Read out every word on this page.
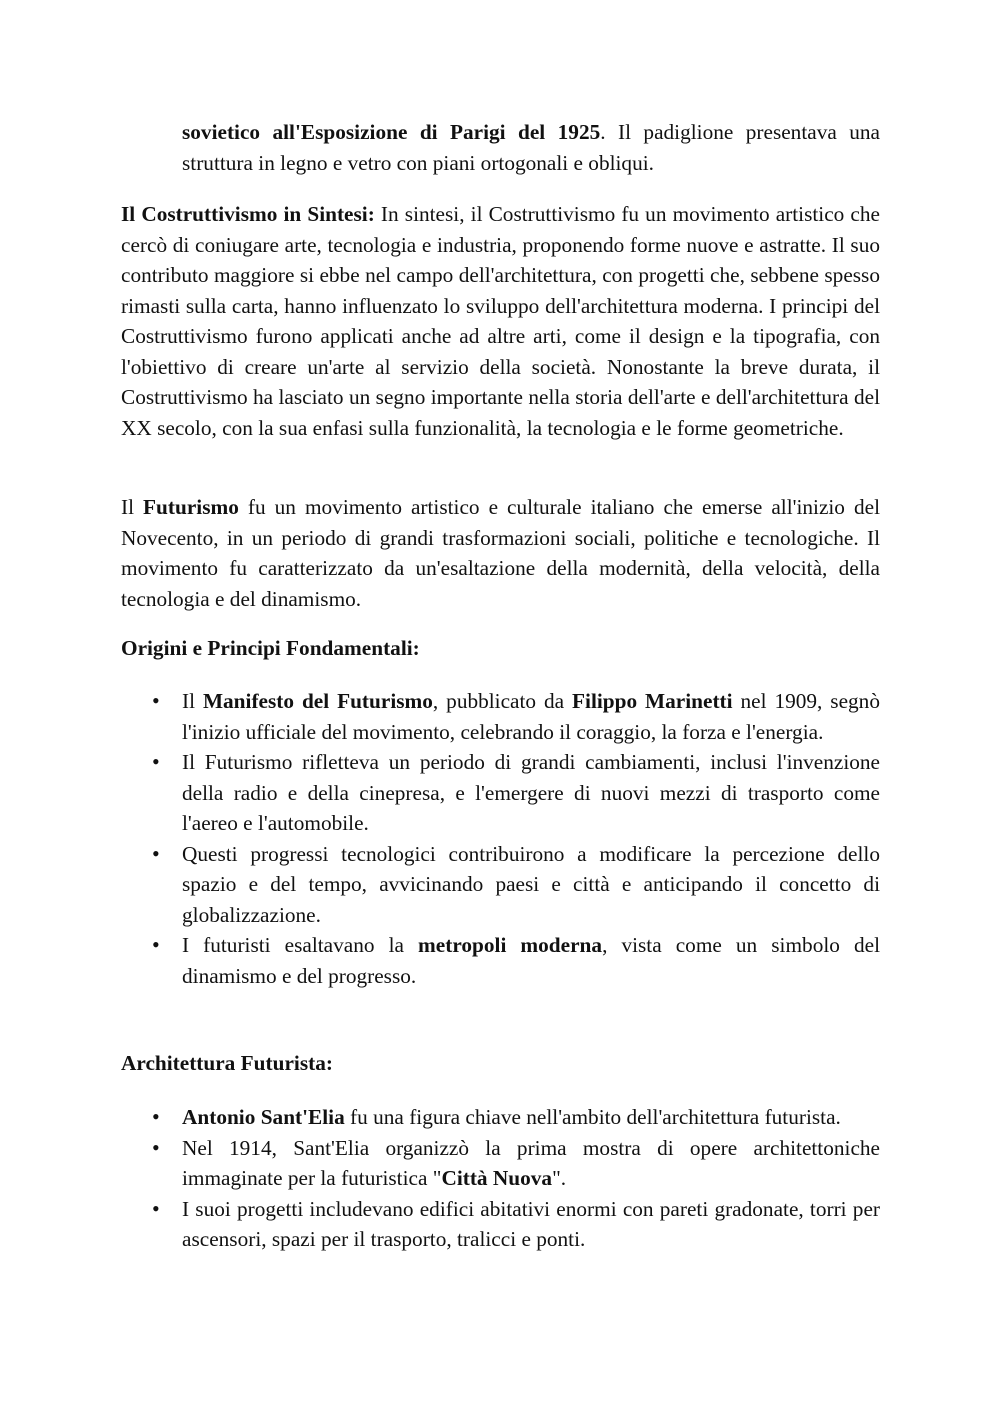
sovietico all'Esposizione di Parigi del 1925. Il padiglione presentava una struttura in legno e vetro con piani ortogonali e obliqui.

Il Costruttivismo in Sintesi: In sintesi, il Costruttivismo fu un movimento artistico che cercò di coniugare arte, tecnologia e industria, proponendo forme nuove e astratte. Il suo contributo maggiore si ebbe nel campo dell'architettura, con progetti che, sebbene spesso rimasti sulla carta, hanno influenzato lo sviluppo dell'architettura moderna. I principi del Costruttivismo furono applicati anche ad altre arti, come il design e la tipografia, con l'obiettivo di creare un'arte al servizio della società. Nonostante la breve durata, il Costruttivismo ha lasciato un segno importante nella storia dell'arte e dell'architettura del XX secolo, con la sua enfasi sulla funzionalità, la tecnologia e le forme geometriche.

Il Futurismo fu un movimento artistico e culturale italiano che emerse all'inizio del Novecento, in un periodo di grandi trasformazioni sociali, politiche e tecnologiche. Il movimento fu caratterizzato da un'esaltazione della modernità, della velocità, della tecnologia e del dinamismo.

Origini e Principi Fondamentali:

• Il Manifesto del Futurismo, pubblicato da Filippo Marinetti nel 1909, segnò l'inizio ufficiale del movimento, celebrando il coraggio, la forza e l'energia.
• Il Futurismo rifletteva un periodo di grandi cambiamenti, inclusi l'invenzione della radio e della cinepresa, e l'emergere di nuovi mezzi di trasporto come l'aereo e l'automobile.
• Questi progressi tecnologici contribuirono a modificare la percezione dello spazio e del tempo, avvicinando paesi e città e anticipando il concetto di globalizzazione.
• I futuristi esaltavano la metropoli moderna, vista come un simbolo del dinamismo e del progresso.

Architettura Futurista:

• Antonio Sant'Elia fu una figura chiave nell'ambito dell'architettura futurista.
• Nel 1914, Sant'Elia organizzò la prima mostra di opere architettoniche immaginate per la futuristica "Città Nuova".
• I suoi progetti includevano edifici abitativi enormi con pareti gradonate, torri per ascensori, spazi per il trasporto, tralicci e ponti.
